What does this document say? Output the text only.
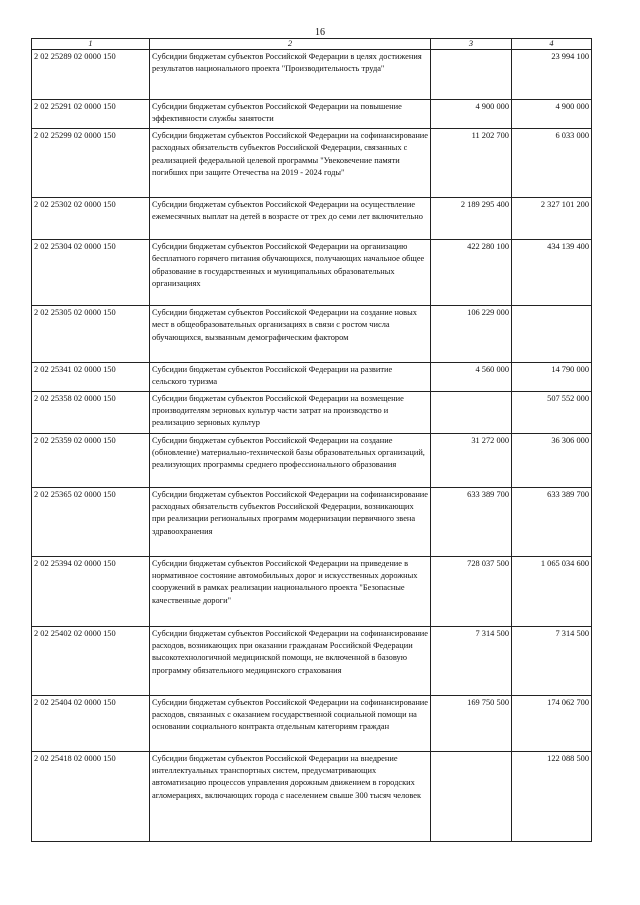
16
1	2	3	4
2 02 25289 02 0000 150	Субсидии бюджетам субъектов Российской Федерации в целях достижения результатов национального проекта "Производительность труда"		23 994 100
2 02 25291 02 0000 150	Субсидии бюджетам субъектов Российской Федерации на повышение эффективности службы занятости	4 900 000	4 900 000
2 02 25299 02 0000 150	Субсидии бюджетам субъектов Российской Федерации на софинансирование расходных обязательств субъектов Российской Федерации, связанных с реализацией федеральной целевой программы "Увековечение памяти погибших при защите Отечества на 2019 - 2024 годы"	11 202 700	6 033 000
2 02 25302 02 0000 150	Субсидии бюджетам субъектов Российской Федерации на осуществление ежемесячных выплат на детей в возрасте от трех до семи лет включительно	2 189 295 400	2 327 101 200
2 02 25304 02 0000 150	Субсидии бюджетам субъектов Российской Федерации на организацию бесплатного горячего питания обучающихся, получающих начальное общее образование в государственных и муниципальных образовательных организациях	422 280 100	434 139 400
2 02 25305 02 0000 150	Субсидии бюджетам субъектов Российской Федерации на создание новых мест в общеобразовательных организациях в связи с ростом числа обучающихся, вызванным демографическим фактором	106 229 000	
2 02 25341 02 0000 150	Субсидии бюджетам субъектов Российской Федерации на развитие сельского туризма	4 560 000	14 790 000
2 02 25358 02 0000 150	Субсидии бюджетам субъектов Российской Федерации на возмещение производителям зерновых культур части затрат на производство и реализацию зерновых культур		507 552 000
2 02 25359 02 0000 150	Субсидии бюджетам субъектов Российской Федерации на создание (обновление) материально-технической базы образовательных организаций, реализующих программы среднего профессионального образования	31 272 000	36 306 000
2 02 25365 02 0000 150	Субсидии бюджетам субъектов Российской Федерации на софинансирование расходных обязательств субъектов Российской Федерации, возникающих при реализации региональных программ модернизации первичного звена здравоохранения	633 389 700	633 389 700
2 02 25394 02 0000 150	Субсидии бюджетам субъектов Российской Федерации на приведение в нормативное состояние автомобильных дорог и искусственных дорожных сооружений в рамках реализации национального проекта "Безопасные качественные дороги"	728 037 500	1 065 034 600
2 02 25402 02 0000 150	Субсидии бюджетам субъектов Российской Федерации на софинансирование расходов, возникающих при оказании гражданам Российской Федерации высокотехнологичной медицинской помощи, не включенной в базовую программу обязательного медицинского страхования	7 314 500	7 314 500
2 02 25404 02 0000 150	Субсидии бюджетам субъектов Российской Федерации на софинансирование расходов, связанных с оказанием государственной социальной помощи на основании социального контракта отдельным категориям граждан	169 750 500	174 062 700
2 02 25418 02 0000 150	Субсидии бюджетам субъектов Российской Федерации на внедрение интеллектуальных транспортных систем, предусматривающих автоматизацию процессов управления дорожным движением в городских агломерациях, включающих города с населением свыше 300 тысяч человек		122 088 500
